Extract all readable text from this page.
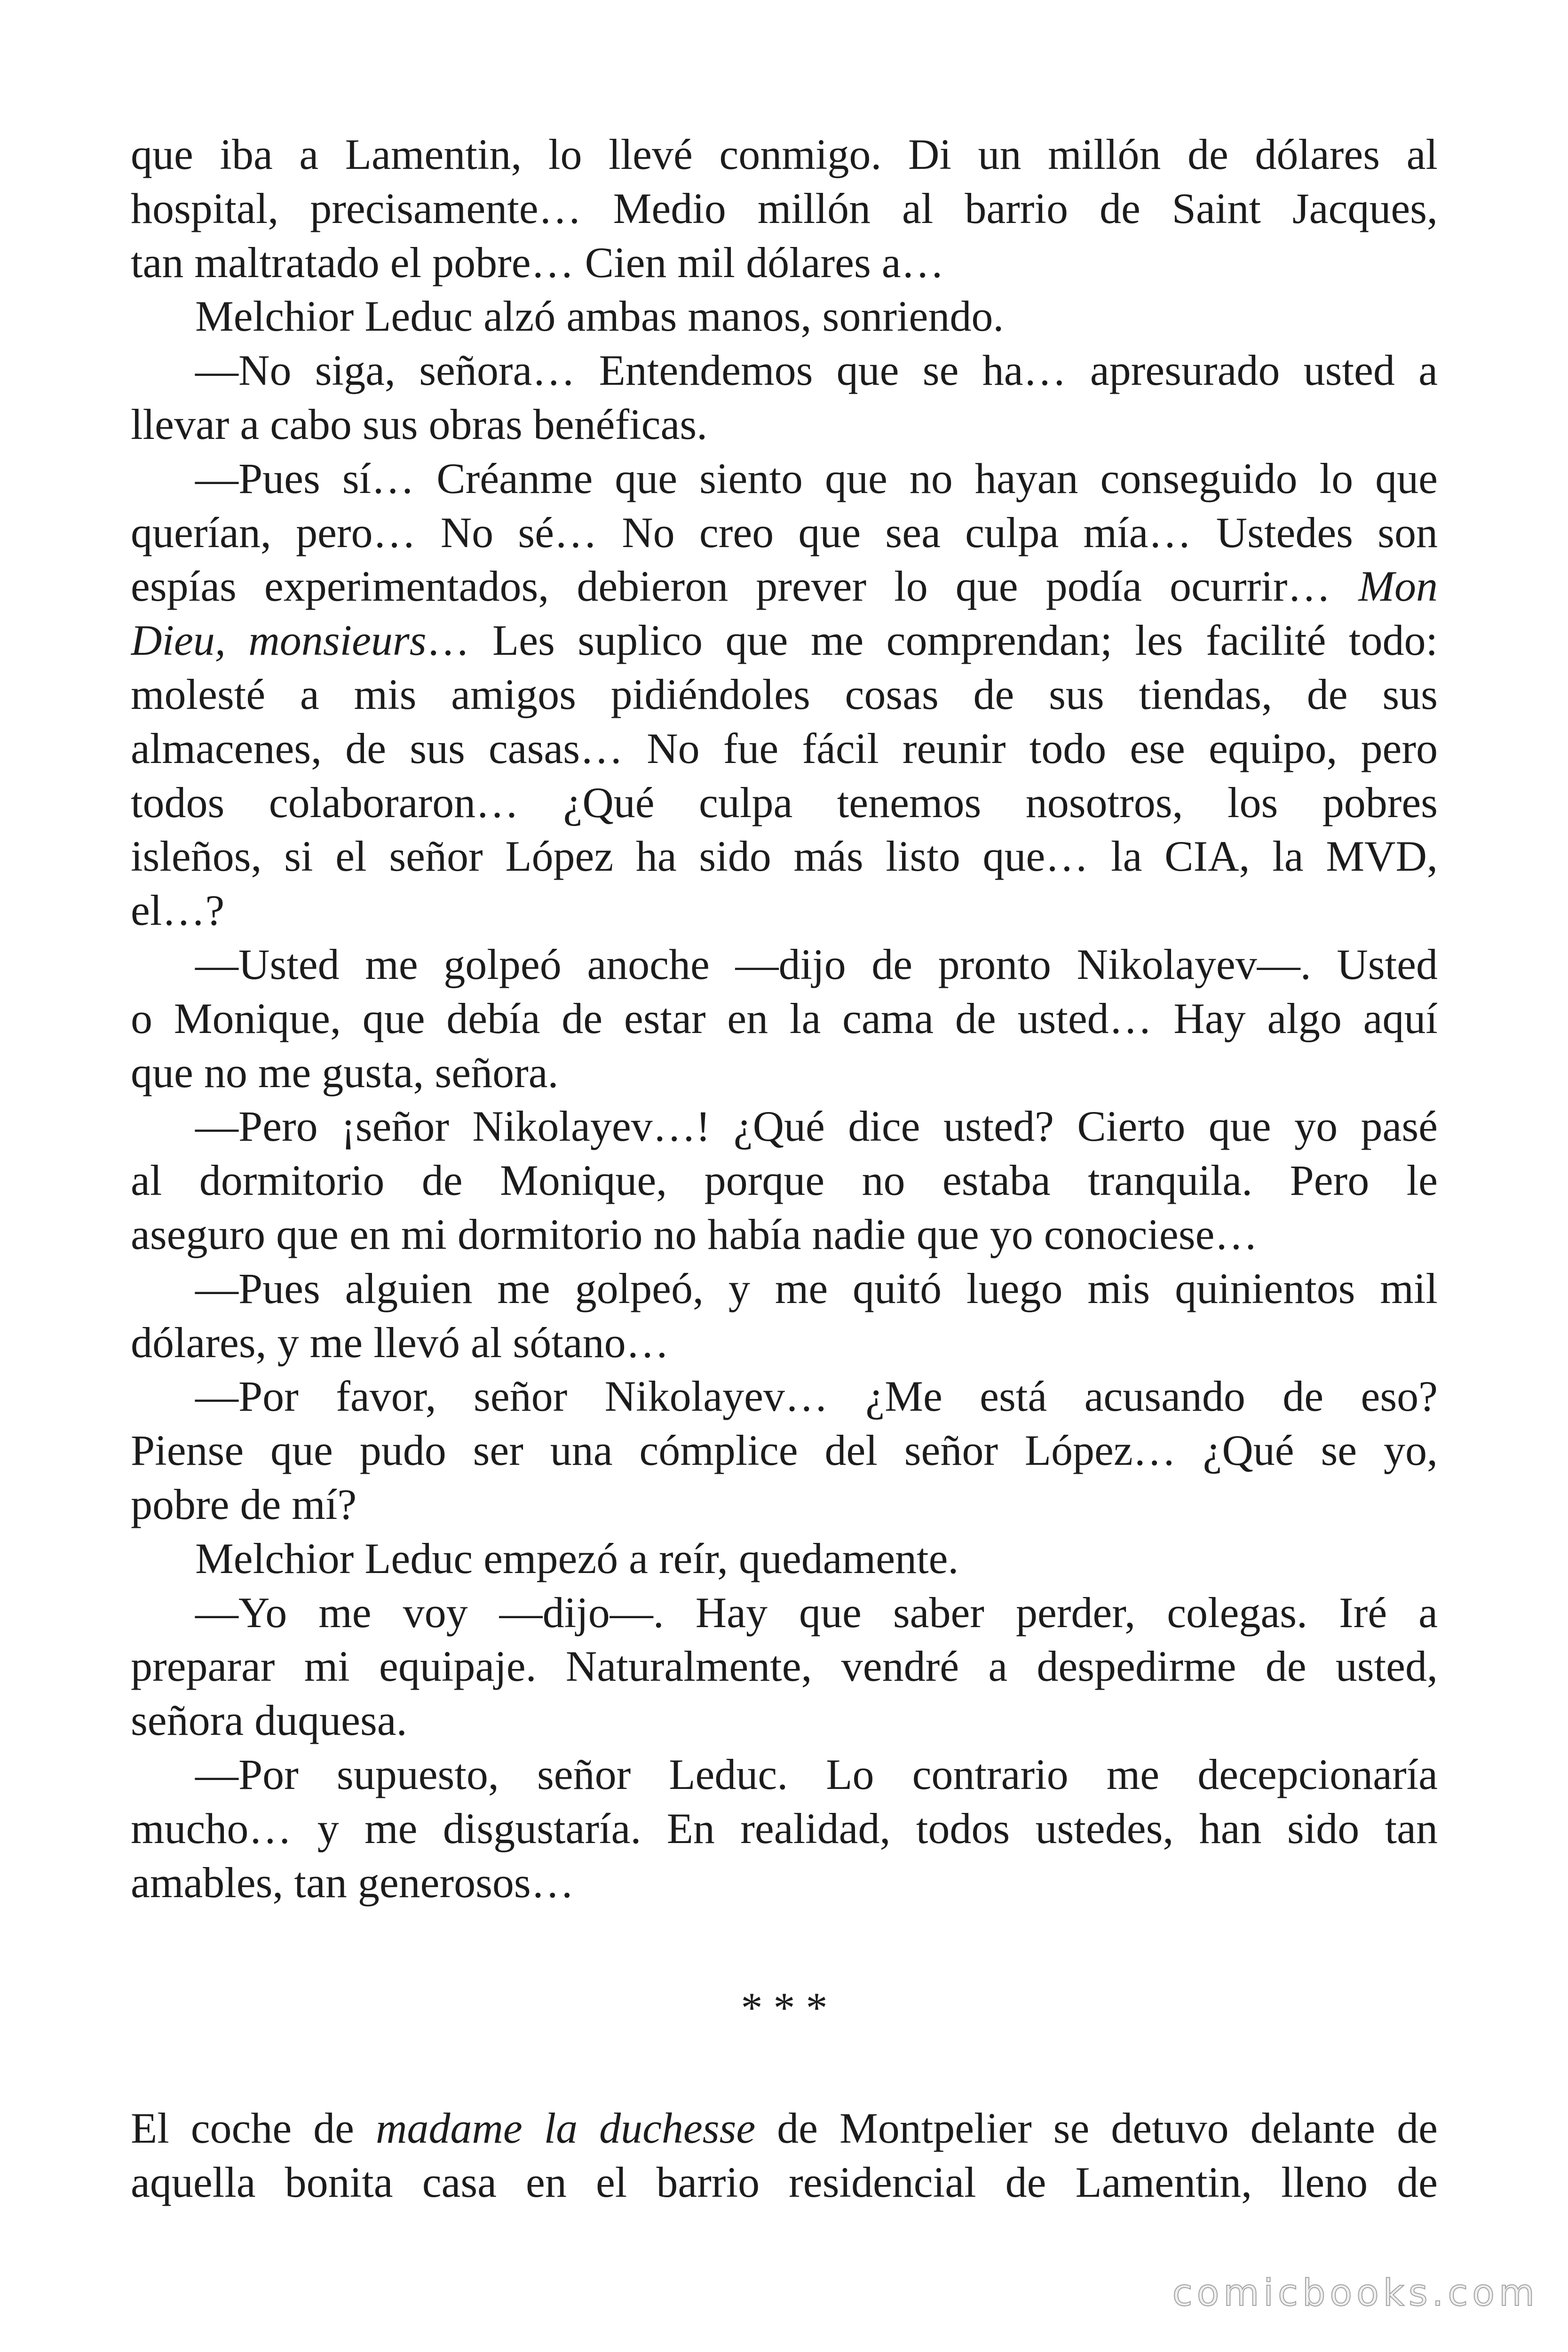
que iba a Lamentin, lo llevé conmigo. Di un millón de dólares al
hospital, precisamente… Medio millón al barrio de Saint Jacques,
tan maltratado el pobre… Cien mil dólares a…
Melchior Leduc alzó ambas manos, sonriendo.
—No siga, señora… Entendemos que se ha… apresurado usted a
llevar a cabo sus obras benéficas.
—Pues sí… Créanme que siento que no hayan conseguido lo que
querían, pero… No sé… No creo que sea culpa mía… Ustedes son
espías experimentados, debieron prever lo que podía ocurrir… Mon
Dieu, monsieurs… Les suplico que me comprendan; les facilité todo:
molesté a mis amigos pidiéndoles cosas de sus tiendas, de sus
almacenes, de sus casas… No fue fácil reunir todo ese equipo, pero
todos colaboraron… ¿Qué culpa tenemos nosotros, los pobres
isleños, si el señor López ha sido más listo que… la CIA, la MVD,
el…?
—Usted me golpeó anoche —dijo de pronto Nikolayev—. Usted
o Monique, que debía de estar en la cama de usted… Hay algo aquí
que no me gusta, señora.
—Pero ¡señor Nikolayev…! ¿Qué dice usted? Cierto que yo pasé
al dormitorio de Monique, porque no estaba tranquila. Pero le
aseguro que en mi dormitorio no había nadie que yo conociese…
—Pues alguien me golpeó, y me quitó luego mis quinientos mil
dólares, y me llevó al sótano…
—Por favor, señor Nikolayev… ¿Me está acusando de eso?
Piense que pudo ser una cómplice del señor López… ¿Qué se yo,
pobre de mí?
Melchior Leduc empezó a reír, quedamente.
—Yo me voy —dijo—. Hay que saber perder, colegas. Iré a
preparar mi equipaje. Naturalmente, vendré a despedirme de usted,
señora duquesa.
—Por supuesto, señor Leduc. Lo contrario me decepcionaría
mucho… y me disgustaría. En realidad, todos ustedes, han sido tan
amables, tan generosos…
* * *
El coche de madame la duchesse de Montpelier se detuvo delante de
aquella bonita casa en el barrio residencial de Lamentin, lleno de
comicbooks.com
